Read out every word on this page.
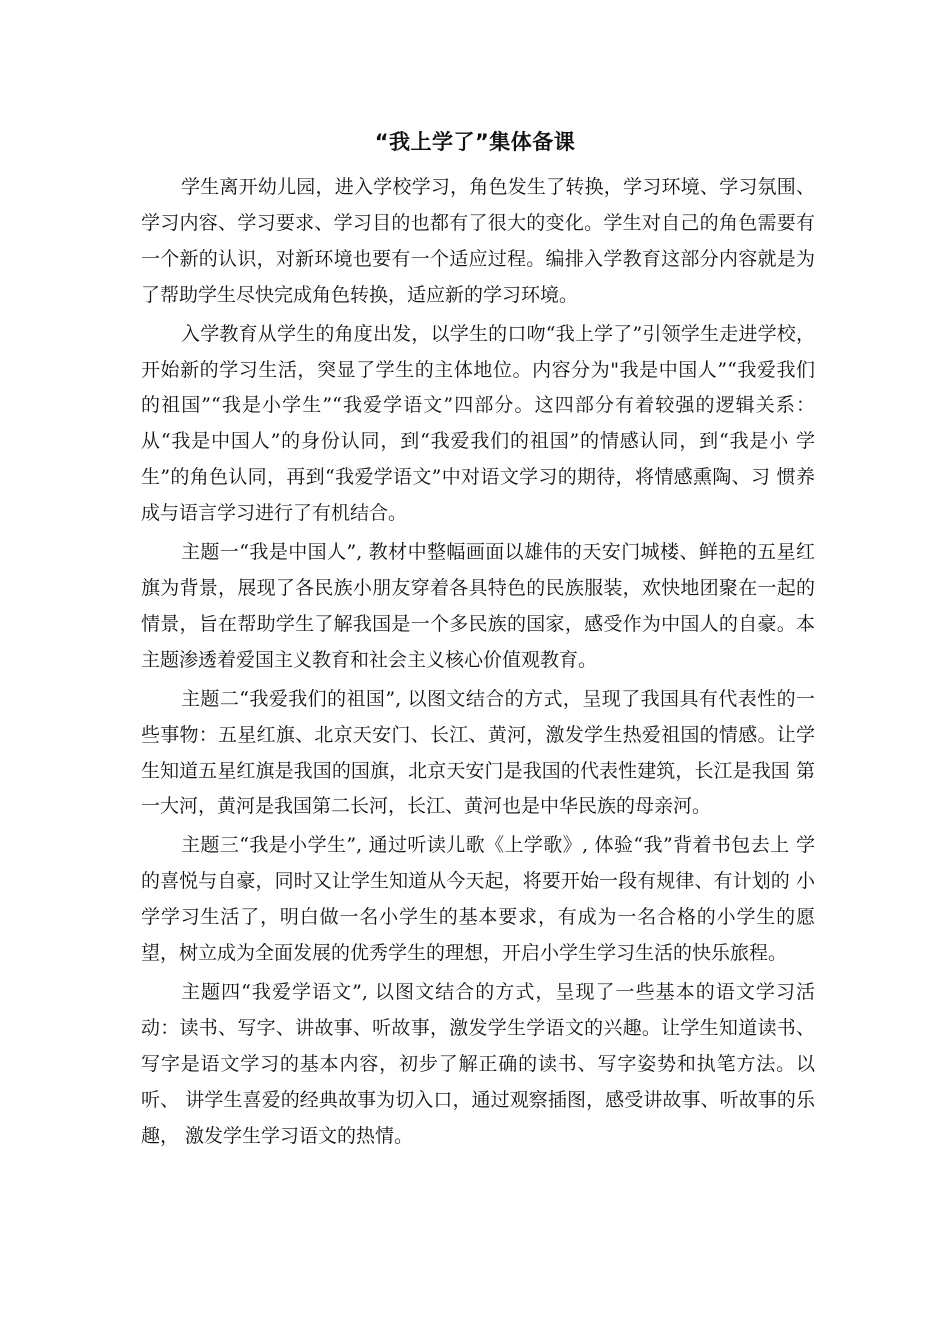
“我上学了”集体备课

学生离开幼儿园，进入学校学习，角色发生了转换，学习环境、学习氛围、学习内容、学习要求、学习目的也都有了很大的变化。学生对自己的角色需要有一个新的认识，对新环境也要有一个适应过程。编排入学教育这部分内容就是为了帮助学生尽快完成角色转换，适应新的学习环境。

入学教育从学生的角度出发，以学生的口吻“我上学了”引领学生走进学校，开始新的学习生活，突显了学生的主体地位。内容分为"我是中国人”“我爱我们的祖国”“我是小学生”“我爱学语文”四部分。这四部分有着较强的逻辑关系： 从“我是中国人”的身份认同，到“我爱我们的祖国”的情感认同，到“我是小 学生”的角色认同，再到“我爱学语文”中对语文学习的期待，将情感熏陶、习 惯养成与语言学习进行了有机结合。

主题一“我是中国人”, 教材中整幅画面以雄伟的天安门城楼、鲜艳的五星红旗为背景，展现了各民族小朋友穿着各具特色的民族服装，欢快地团聚在一起的情景，旨在帮助学生了解我国是一个多民族的国家，感受作为中国人的自豪。本主题渗透着爱国主义教育和社会主义核心价值观教育。

主题二“我爱我们的祖国”, 以图文结合的方式，呈现了我国具有代表性的一些事物：五星红旗、北京天安门、长江、黄河，激发学生热爱祖国的情感。让学生知道五星红旗是我国的国旗，北京天安门是我国的代表性建筑，长江是我国 第一大河，黄河是我国第二长河，长江、黄河也是中华民族的母亲河。

主题三“我是小学生”, 通过听读儿歌《上学歌》, 体验“我”背着书包去上 学的喜悦与自豪，同时又让学生知道从今天起，将要开始一段有规律、有计划的 小学学习生活了，明白做一名小学生的基本要求，有成为一名合格的小学生的愿 望，树立成为全面发展的优秀学生的理想，开启小学生学习生活的快乐旅程。

主题四“我爱学语文”, 以图文结合的方式，呈现了一些基本的语文学习活动：读书、写字、讲故事、听故事，激发学生学语文的兴趣。让学生知道读书、 写字是语文学习的基本内容，初步了解正确的读书、写字姿势和执笔方法。以听、 讲学生喜爱的经典故事为切入口，通过观察插图，感受讲故事、听故事的乐趣， 激发学生学习语文的热情。
